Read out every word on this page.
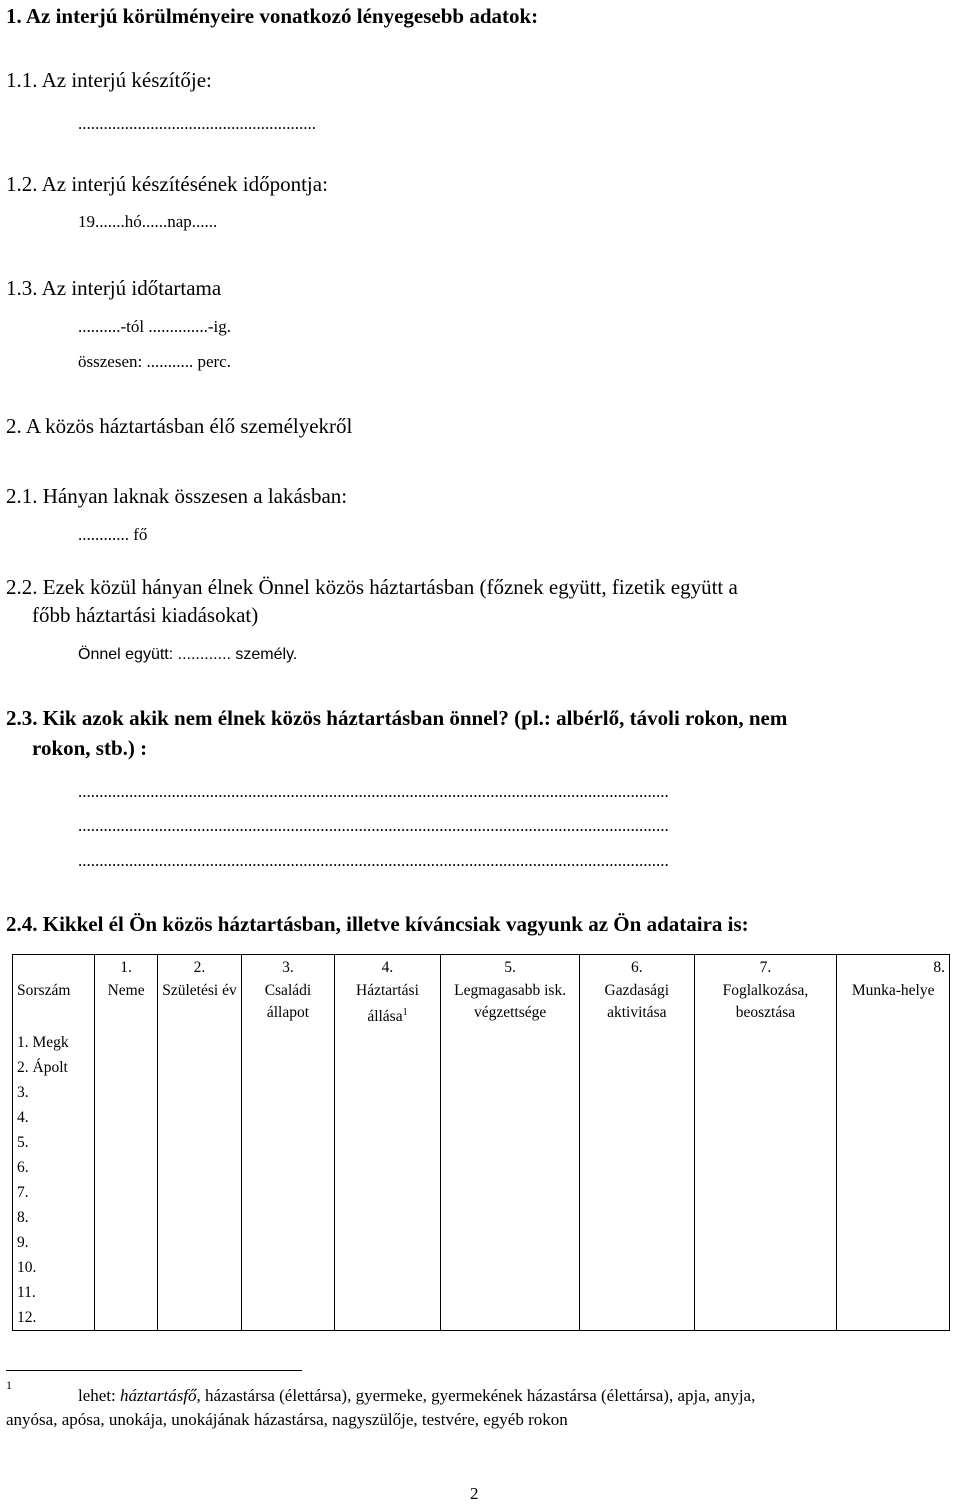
1. Az interjú körülményeire vonatkozó lényegesebb adatok:
1.1. Az interjú készítője:
........................................................
1.2. Az interjú készítésének időpontja:
19.......hó......nap......
1.3. Az interjú időtartama
..........-tól ..............-ig.
összesen: ........... perc.
2. A közös háztartásban élő személyekről
2.1. Hányan laknak összesen a lakásban:
............ fő
2.2. Ezek közül hányan élnek Önnel közös háztartásban (főznek együtt, fizetik együtt a
főbb háztartási kiadásokat)
Önnel együtt: ............ személy.
2.3. Kik azok akik nem élnek közös háztartásban önnel? (pl.: albérlő, távoli rokon, nem
rokon, stb.) :
...........................................................................................................................................
...........................................................................................................................................
...........................................................................................................................................
2.4. Kikkel él Ön közös háztartásban, illetve kíváncsiak vagyunk az Ön adataira is:
	1.	2.	3.	4.	5.	6.	7.	8.
Sorszám	Neme	Születési év	Családi állapot	Háztartási állása$^1$	Legmagasabb isk. végzettsége	Gazdasági aktivitása	Foglalkozása, beosztása	Munka-helye
1. Megk								
2. Ápolt								
3.								
4.								
5.								
6.								
7.								
8.								
9.								
10.								
11.								
12.								
1
lehet: háztartásfő, házastársa (élettársa), gyermeke, gyermekének házastársa (élettársa), apja, anyja,
anyósa, apósa, unokája, unokájának házastársa, nagyszülője, testvére, egyéb rokon
2
